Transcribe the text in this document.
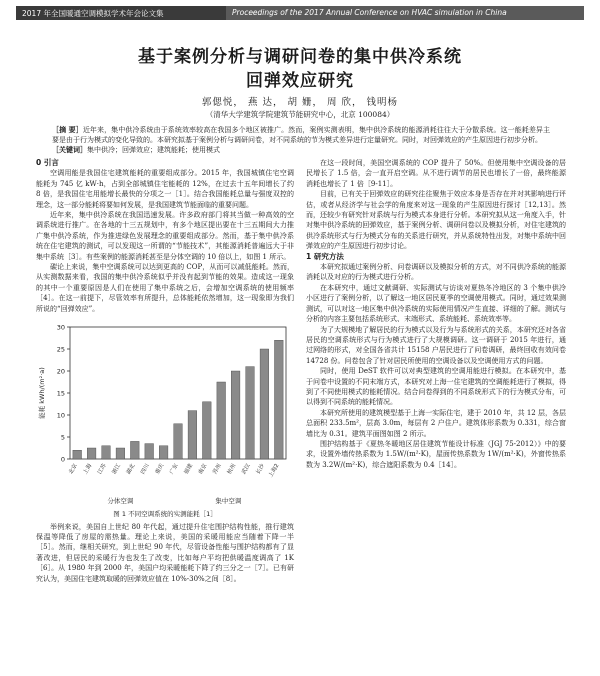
2017 年全国暖通空调模拟学术年会论文集	Proceedings of the 2017 Annual Conference on HVAC simulation in China
基于案例分析与调研问卷的集中供冷系统
回弹效应研究
郭偲悦， 燕 达， 胡 姗， 周 欣， 钱明杨
（清华大学建筑学院建筑节能研究中心，北京 100084）
［摘 要］近年来，集中供冷系统由于系统效率较高在我国多个地区被推广。然而，案例实测表明，集中供冷系统的能源消耗往往大于分散系统。这一能耗差异主要是由于行为模式的变化导致的。本研究拟基于案例分析与调研问卷，对不同系统的节为模式差异进行定量研究。同时，对回弹效应的产生原因进行初步分析。
［关键词］集中供冷；回弹效应；建筑能耗；使用模式

0 引言

空调用能是我国住宅建筑能耗的重要组成部分。2015 年，我国城镇住宅空调能耗为 745 亿 kW·h，占到全部城镇住宅能耗的 12%，在过去十五年间增长了约 8 倍，是我国住宅用能增长最快的分项之一［1］。结合我国能耗总量与强度双控的理念，这一部分能耗将要如何发展，是我国建筑节能面临的重要问题。

近年来，集中供冷系统在我国迅速发展。许多政府部门将其当做一种高效的空调系统进行推广。在各地的十三五规划中，有多个地区提出要在十三五期间大力推广集中供冷系统，作为推进绿色发展理念的重要组成部分。然而，基于集中供冷系统在住宅建筑的测试，可以发现这一所谓的“节能技术”，其能源消耗普遍远大于非集中系统［3］。有些案例的能源消耗甚至是分体空调的 10 倍以上，如图 1 所示。

碳论上来说，集中空调系统可以达到更高的 COP，从而可以减低能耗。然而，从实测数据来看，我国的集中供冷系统似乎并没有起到节能的效果。造成这一现象的其中一个重要原因是人们在使用了集中系统之后，会增加空调系统的使用频率［4］。在这一前提下，尽管效率有所提升，总体能耗依然增加，这一现象即为我们所说的“回弹效应”。

0
5
10
15
20
25
30
能耗 kWh/(m²·a)
北京 上海 江苏 浙江 湖北 四川 重庆 广东 福建 南京 苏州 杭州 武汉 长沙 上海2
分体空调	集中空调
图 1 不同空调系统的实测能耗［1］

举例来说，美国自上世纪 80 年代起，通过提升住宅围护结构性能，推行建筑保温等降低了房屋的需热量。理论上来说，美国的采暖用能应当随着下降一半［5］。然而，继相关研究，到上世纪 90 年代，尽管设备性能与围护结构都有了显著改进，但居民的采暖行为也发生了改变，比如每户平均把供暖温度调高了 1K［6］。从 1980 年到 2000 年，美国户均采暖能耗下降了约三分之一［7］。已有研究认为，美国住宅建筑取暖的回弹效应值在 10%-30%之间［8］。

在这一段时间，美国空调系统的 COP 提升了 50%。但使用集中空调设备的居民增长了 1.5 倍，会一直开启空调。从不进行调节的居民也增长了一倍，最终能源消耗也增长了 1 倍［9-11］。

目前，已有关于回弹效应的研究往往聚焦于效应本身是否存在并对其影响进行评估，或者从经济学与社会学的角度来对这一现象的产生原因进行探讨［12,13］。然而，还较少有研究针对系统与行为模式本身进行分析。本研究拟从这一角度入手，针对集中供冷系统的回弹效应，基于案例分析、调研问卷以及模拟分析，对住宅建筑的供冷系统形式与行为模式分布的关系进行研究，并从系统特性出发，对集中系统中回弹效应的产生原因进行初步讨论。

1 研究方法

本研究拟通过案例分析、问卷调研以及模拟分析的方式，对不同供冷系统的能源消耗以及对应的行为模式进行分析。

在本研究中，通过文献调研、实际测试与访谈对夏热冬冷地区的 3 个集中供冷小区进行了案例分析，以了解这一地区居民夏季的空调使用模式。同时，通过效果测测试，可以对这一地区集中供冷系统的实际使用情况产生直接、详细的了解。测试与分析的内容主要包括系统形式、末端形式、系统能耗、系统效率等。

为了大规模地了解居民的行为模式以及行为与系统形式的关系，本研究还对各省居民的空调系统形式与行为模式进行了大规模调研。这一调研于 2015 年进行，通过网络的形式，对全国各省共计 15158 户居民进行了问卷调研，最终回收有效问卷 14728 份。问卷包含了针对居民所使用的空调设备以及空调使用方式的问题。

同时，使用 DeST 软件可以对典型建筑的空调用能进行模拟。在本研究中，基于问卷中设置的不同末端方式，本研究对上海一住宅建筑的空调能耗进行了模拟，得到了不同使用模式的能耗情况。结合问卷得到的不同系统形式下的行为模式分布，可以得到不同系统的能耗情况。

本研究所使用的建筑模型基于上海一实际住宅，建于 2010 年，共 12 层，各层总面积 233.5m²，层高 3.0m，每层有 2 户住户。建筑体形系数为 0.331，综合窗墙比为 0.31。建筑平面图如图 2 所示。

围护结构基于《夏热冬暖地区居住建筑节能设计标准（JGJ 75-2012）》中的要求，设置外墙传热系数为 1.5W/(m²·K)，屋面传热系数为 1W/(m²·K)，外窗传热系数为 3.2W/(m²·K)，综合遮阳系数为 0.4［14］。
